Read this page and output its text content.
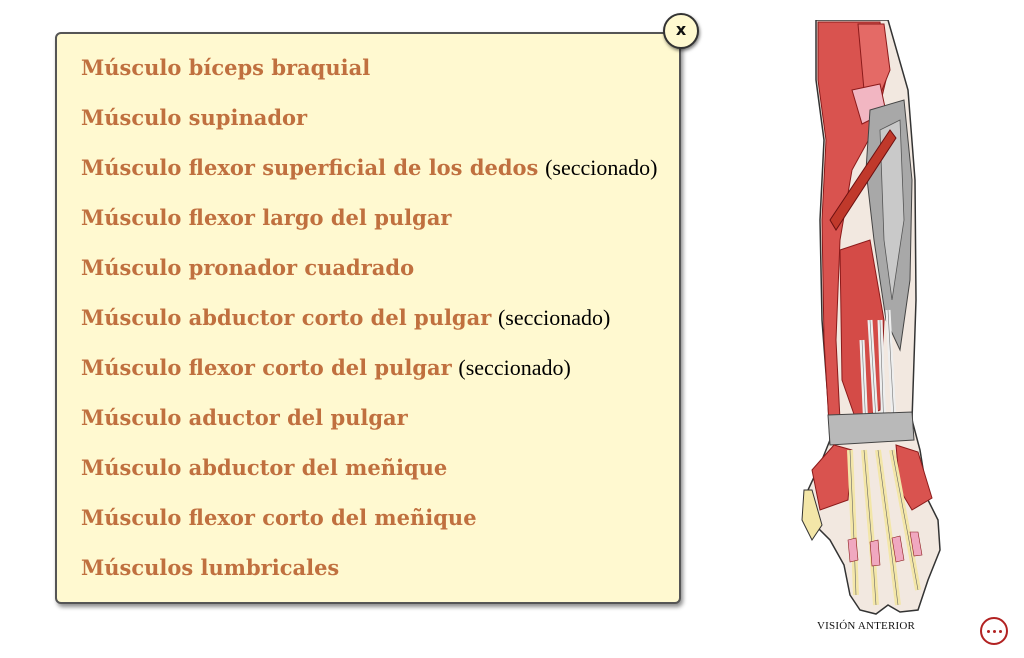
Músculo bíceps braquial
Músculo supinador
Músculo flexor superficial de los dedos (seccionado)
Músculo flexor largo del pulgar
Músculo pronador cuadrado
Músculo abductor corto del pulgar (seccionado)
Músculo flexor corto del pulgar (seccionado)
Músculo aductor del pulgar
Músculo abductor del meñique
Músculo flexor corto del meñique
Músculos lumbricales
x
VISIÓN ANTERIOR
